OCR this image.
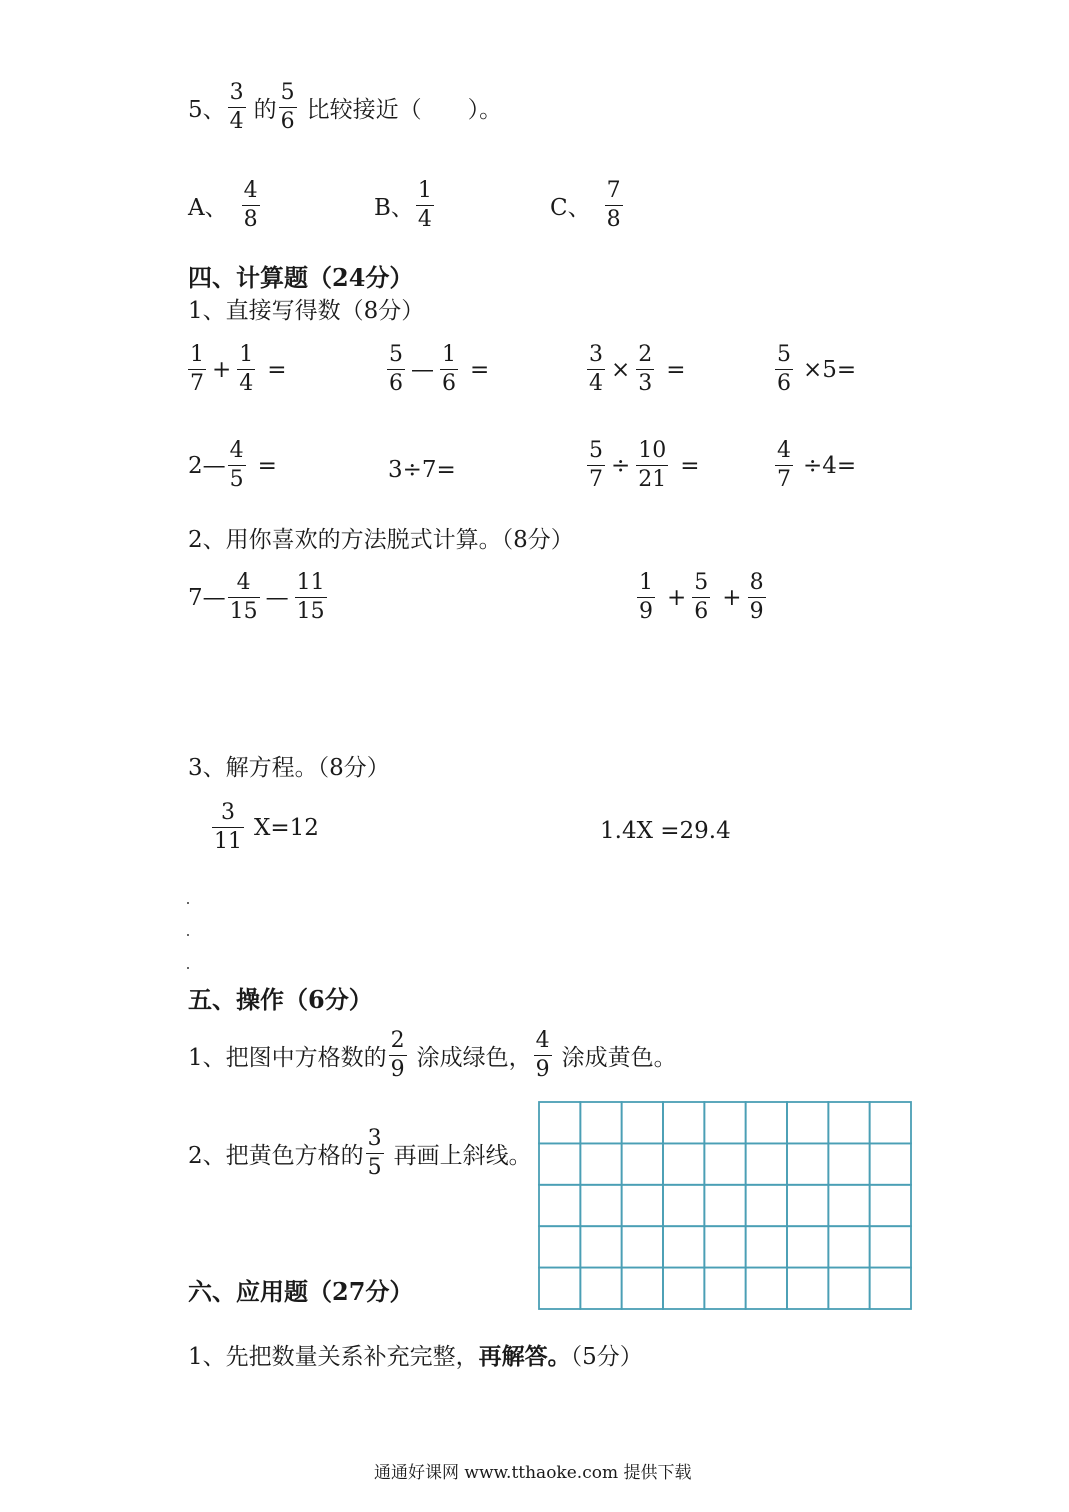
5、 $\frac{3}{4}$ 的 $\frac{5}{6}$ 比较接近（　　）。
A、 $\frac{4}{8}$	B、 $\frac{1}{4}$	C、 $\frac{7}{8}$
四、计算题（24分）
1、直接写得数（8分）
$\frac{1}{7} + \frac{1}{4}$ =	$\frac{5}{6}$ — $\frac{1}{6}$ =	$\frac{3}{4} \times \frac{2}{3}$ =	$\frac{5}{6} \times 5=$
2— $\frac{4}{5}$ =	3÷7=	$\frac{5}{7} \div \frac{10}{21}$ =	$\frac{4}{7} \div 4=$
2、用你喜欢的方法脱式计算。（8分）
7— $\frac{4}{15}$ — $\frac{11}{15}$	$\frac{1}{9} + \frac{5}{6} + \frac{8}{9}$
3、解方程。（8分）
$\frac{3}{11} X=12$	1.4X =29.4
五、操作（6分）
1、把图中方格数的 $\frac{2}{9}$ 涂成绿色， $\frac{4}{9}$ 涂成黄色。
2、把黄色方格的 $\frac{3}{5}$ 再画上斜线。
六、应用题（27分）
1、先把数量关系补充完整，再解答。（5分）
通通好课网 www.tthaoke.com 提供下载
